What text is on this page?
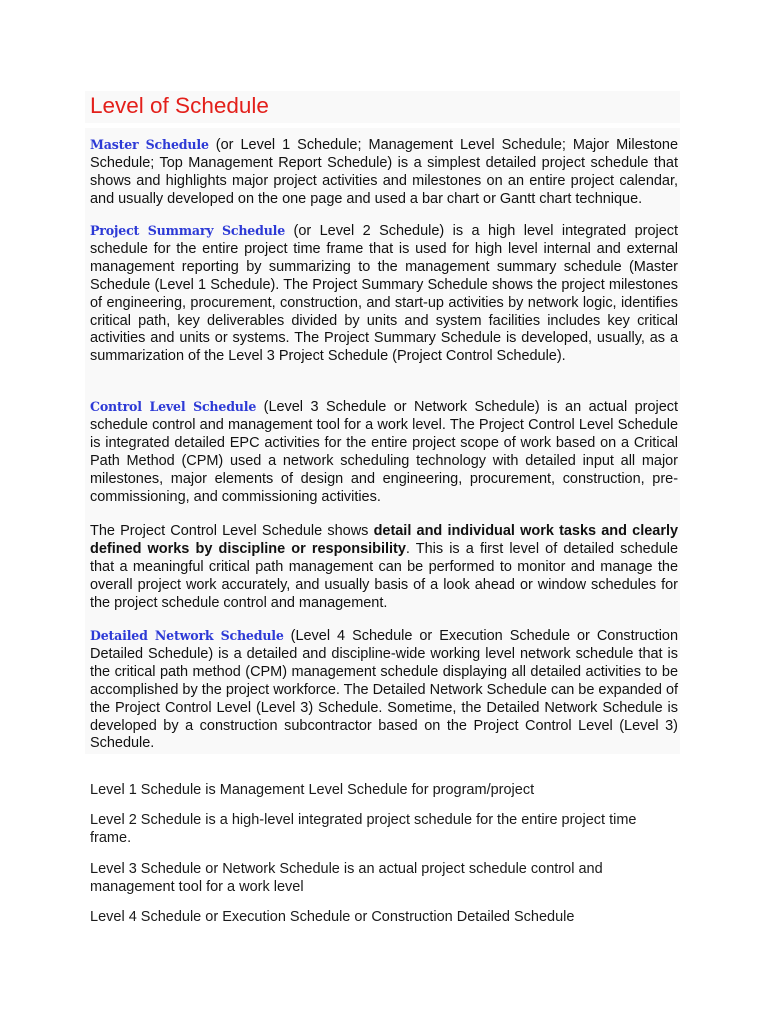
Level of Schedule

Master Schedule (or Level 1 Schedule; Management Level Schedule; Major Milestone Schedule; Top Management Report Schedule) is a simplest detailed project schedule that shows and highlights major project activities and milestones on an entire project calendar, and usually developed on the one page and used a bar chart or Gantt chart technique.

Project Summary Schedule (or Level 2 Schedule) is a high level integrated project schedule for the entire project time frame that is used for high level internal and external management reporting by summarizing to the management summary schedule (Master Schedule (Level 1 Schedule). The Project Summary Schedule shows the project milestones of engineering, procurement, construction, and start-up activities by network logic, identifies critical path, key deliverables divided by units and system facilities includes key critical activities and units or systems. The Project Summary Schedule is developed, usually, as a summarization of the Level 3 Project Schedule (Project Control Schedule).

Control Level Schedule (Level 3 Schedule or Network Schedule) is an actual project schedule control and management tool for a work level. The Project Control Level Schedule is integrated detailed EPC activities for the entire project scope of work based on a Critical Path Method (CPM) used a network scheduling technology with detailed input all major milestones, major elements of design and engineering, procurement, construction, pre-commissioning, and commissioning activities.

The Project Control Level Schedule shows detail and individual work tasks and clearly defined works by discipline or responsibility. This is a first level of detailed schedule that a meaningful critical path management can be performed to monitor and manage the overall project work accurately, and usually basis of a look ahead or window schedules for the project schedule control and management.

Detailed Network Schedule (Level 4 Schedule or Execution Schedule or Construction Detailed Schedule) is a detailed and discipline-wide working level network schedule that is the critical path method (CPM) management schedule displaying all detailed activities to be accomplished by the project workforce. The Detailed Network Schedule can be expanded of the Project Control Level (Level 3) Schedule. Sometime, the Detailed Network Schedule is developed by a construction subcontractor based on the Project Control Level (Level 3) Schedule.

Level 1 Schedule is Management Level Schedule for program/project

Level 2 Schedule is a high-level integrated project schedule for the entire project time frame.

Level 3 Schedule or Network Schedule is an actual project schedule control and management tool for a work level

Level 4 Schedule or Execution Schedule or Construction Detailed Schedule
